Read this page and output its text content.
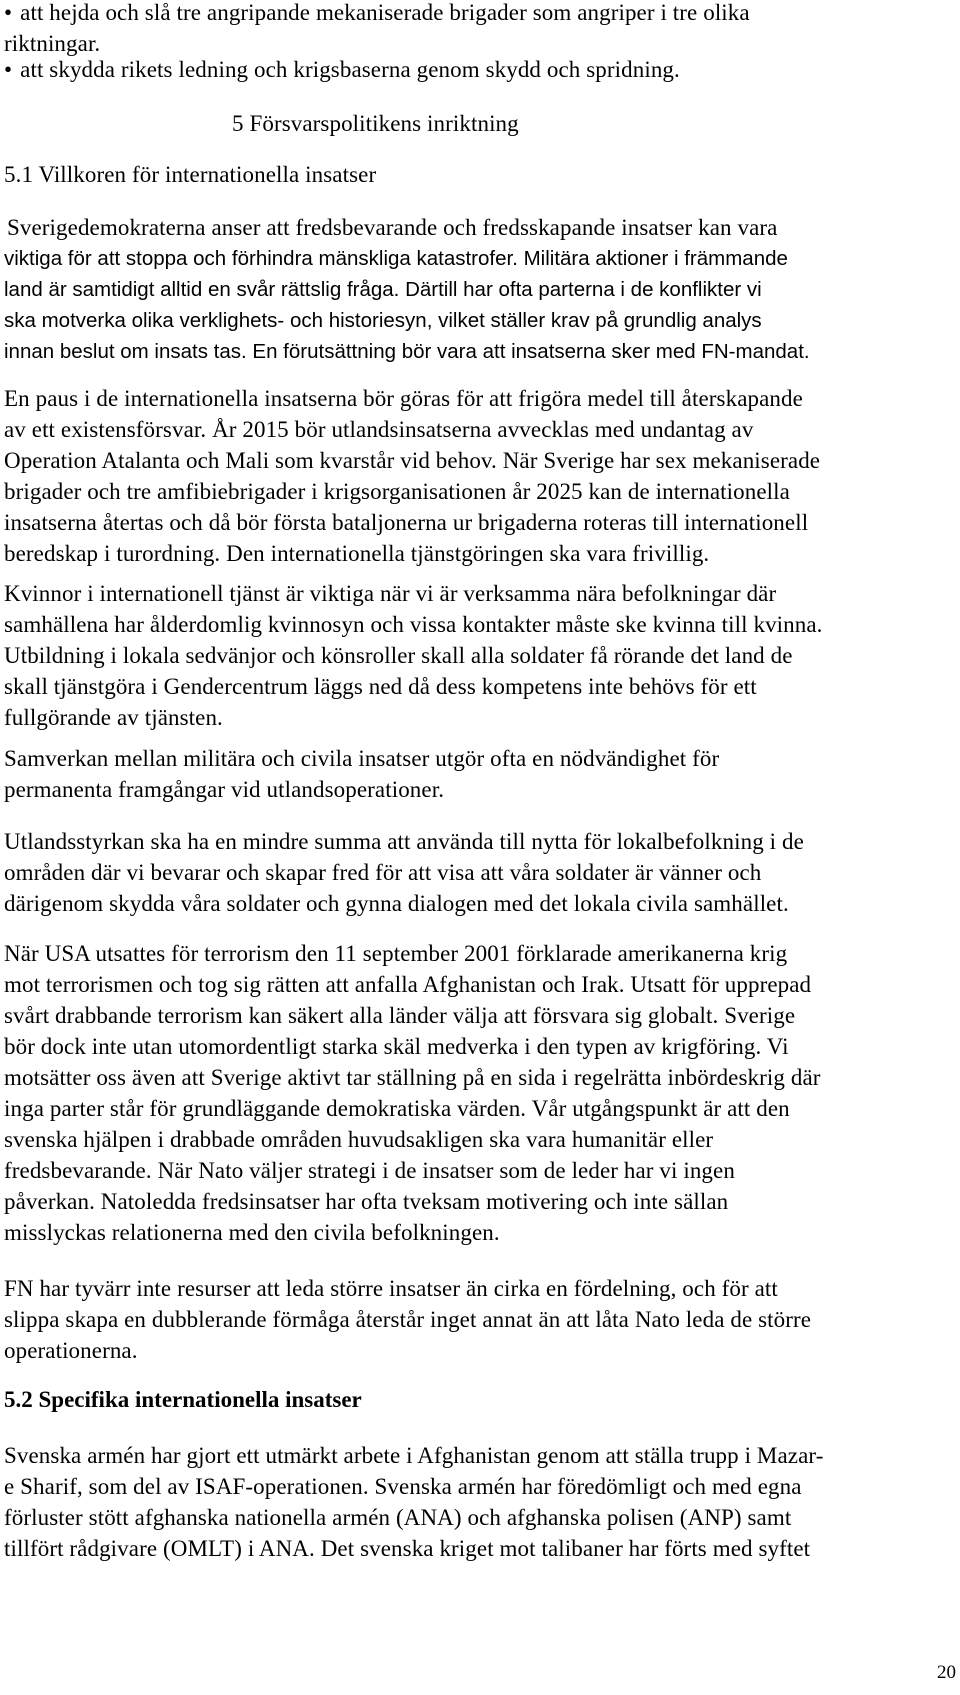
• att hejda och slå tre angripande mekaniserade brigader som angriper i tre olika
riktningar.
• att skydda rikets ledning och krigsbaserna genom skydd och spridning.
5 Försvarspolitikens inriktning
5.1 Villkoren för internationella insatser
Sverigedemokraterna anser att fredsbevarande och fredsskapande insatser kan vara
viktiga för att stoppa och förhindra mänskliga katastrofer. Militära aktioner i främmande
land är samtidigt alltid en svår rättslig fråga. Därtill har ofta parterna i de konflikter vi
ska motverka olika verklighets- och historiesyn, vilket ställer krav på grundlig analys
innan beslut om insats tas. En förutsättning bör vara att insatserna sker med FN-mandat.
En paus i de internationella insatserna bör göras för att frigöra medel till återskapande
av ett existensförsvar. År 2015 bör utlandsinsatserna avvecklas med undantag av
Operation Atalanta och Mali som kvarstår vid behov. När Sverige har sex mekaniserade
brigader och tre amfibiebrigader i krigsorganisationen år 2025 kan de internationella
insatserna återtas och då bör första bataljonerna ur brigaderna roteras till internationell
beredskap i turordning. Den internationella tjänstgöringen ska vara frivillig.
Kvinnor i internationell tjänst är viktiga när vi är verksamma nära befolkningar där
samhällena har ålderdomlig kvinnosyn och vissa kontakter måste ske kvinna till kvinna.
Utbildning i lokala sedvänjor och könsroller skall alla soldater få rörande det land de
skall tjänstgöra i Gendercentrum läggs ned då dess kompetens inte behövs för ett
fullgörande av tjänsten.
Samverkan mellan militära och civila insatser utgör ofta en nödvändighet för
permanenta framgångar vid utlandsoperationer.
Utlandsstyrkan ska ha en mindre summa att använda till nytta för lokalbefolkning i de
områden där vi bevarar och skapar fred för att visa att våra soldater är vänner och
därigenom skydda våra soldater och gynna dialogen med det lokala civila samhället.
När USA utsattes för terrorism den 11 september 2001 förklarade amerikanerna krig
mot terrorismen och tog sig rätten att anfalla Afghanistan och Irak. Utsatt för upprepad
svårt drabbande terrorism kan säkert alla länder välja att försvara sig globalt. Sverige
bör dock inte utan utomordentligt starka skäl medverka i den typen av krigföring. Vi
motsätter oss även att Sverige aktivt tar ställning på en sida i regelrätta inbördeskrig där
inga parter står för grundläggande demokratiska värden. Vår utgångspunkt är att den
svenska hjälpen i drabbade områden huvudsakligen ska vara humanitär eller
fredsbevarande. När Nato väljer strategi i de insatser som de leder har vi ingen
påverkan. Natoledda fredsinsatser har ofta tveksam motivering och inte sällan
misslyckas relationerna med den civila befolkningen.
FN har tyvärr inte resurser att leda större insatser än cirka en fördelning, och för att
slippa skapa en dubblerande förmåga återstår inget annat än att låta Nato leda de större
operationerna.
5.2 Specifika internationella insatser
Svenska armén har gjort ett utmärkt arbete i Afghanistan genom att ställa trupp i Mazar-
e Sharif, som del av ISAF-operationen. Svenska armén har föredömligt och med egna
förluster stött afghanska nationella armén (ANA) och afghanska polisen (ANP) samt
tillfört rådgivare (OMLT) i ANA. Det svenska kriget mot talibaner har förts med syftet
20
